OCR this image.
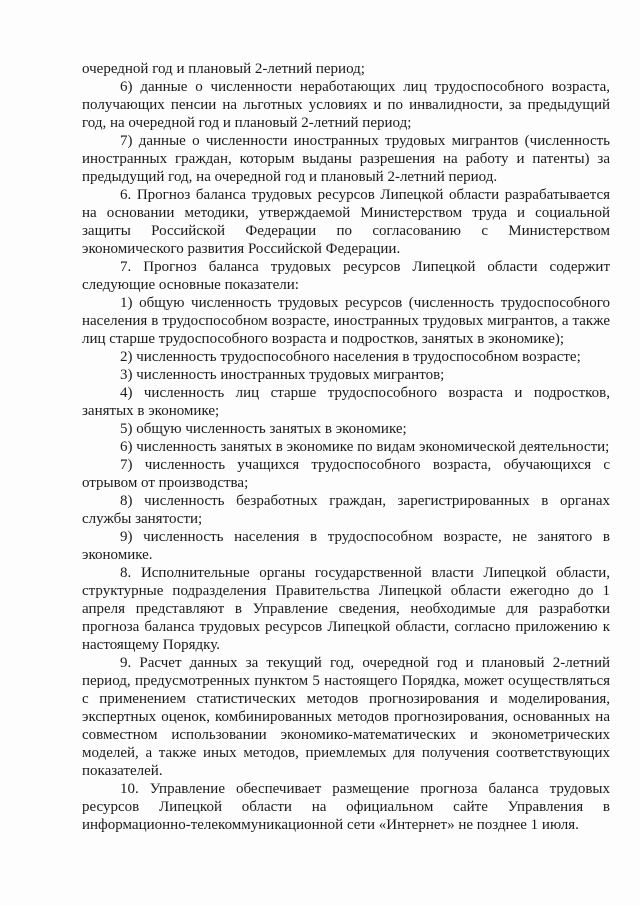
очередной год и плановый 2-летний период;

6) данные о численности неработающих лиц трудоспособного возраста, получающих пенсии на льготных условиях и по инвалидности, за предыдущий год, на очередной год и плановый 2-летний период;

7) данные о численности иностранных трудовых мигрантов (численность иностранных граждан, которым выданы разрешения на работу и патенты) за предыдущий год, на очередной год и плановый 2-летний период.

6. Прогноз баланса трудовых ресурсов Липецкой области разрабатывается на основании методики, утверждаемой Министерством труда и социальной защиты Российской Федерации по согласованию с Министерством экономического развития Российской Федерации.

7. Прогноз баланса трудовых ресурсов Липецкой области содержит следующие основные показатели:

1) общую численность трудовых ресурсов (численность трудоспособного населения в трудоспособном возрасте, иностранных трудовых мигрантов, а также лиц старше трудоспособного возраста и подростков, занятых в экономике);

2) численность трудоспособного населения в трудоспособном возрасте;

3) численность иностранных трудовых мигрантов;

4) численность лиц старше трудоспособного возраста и подростков, занятых в экономике;

5) общую численность занятых в экономике;

6) численность занятых в экономике по видам экономической деятельности;

7) численность учащихся трудоспособного возраста, обучающихся с отрывом от производства;

8) численность безработных граждан, зарегистрированных в органах службы занятости;

9) численность населения в трудоспособном возрасте, не занятого в экономике.

8. Исполнительные органы государственной власти Липецкой области, структурные подразделения Правительства Липецкой области ежегодно до 1 апреля представляют в Управление сведения, необходимые для разработки прогноза баланса трудовых ресурсов Липецкой области, согласно приложению к настоящему Порядку.

9. Расчет данных за текущий год, очередной год и плановый 2-летний период, предусмотренных пунктом 5 настоящего Порядка, может осуществляться с применением статистических методов прогнозирования и моделирования, экспертных оценок, комбинированных методов прогнозирования, основанных на совместном использовании экономико-математических и эконометрических моделей, а также иных методов, приемлемых для получения соответствующих показателей.

10. Управление обеспечивает размещение прогноза баланса трудовых ресурсов Липецкой области на официальном сайте Управления в информационно-телекоммуникационной сети «Интернет» не позднее 1 июля.
